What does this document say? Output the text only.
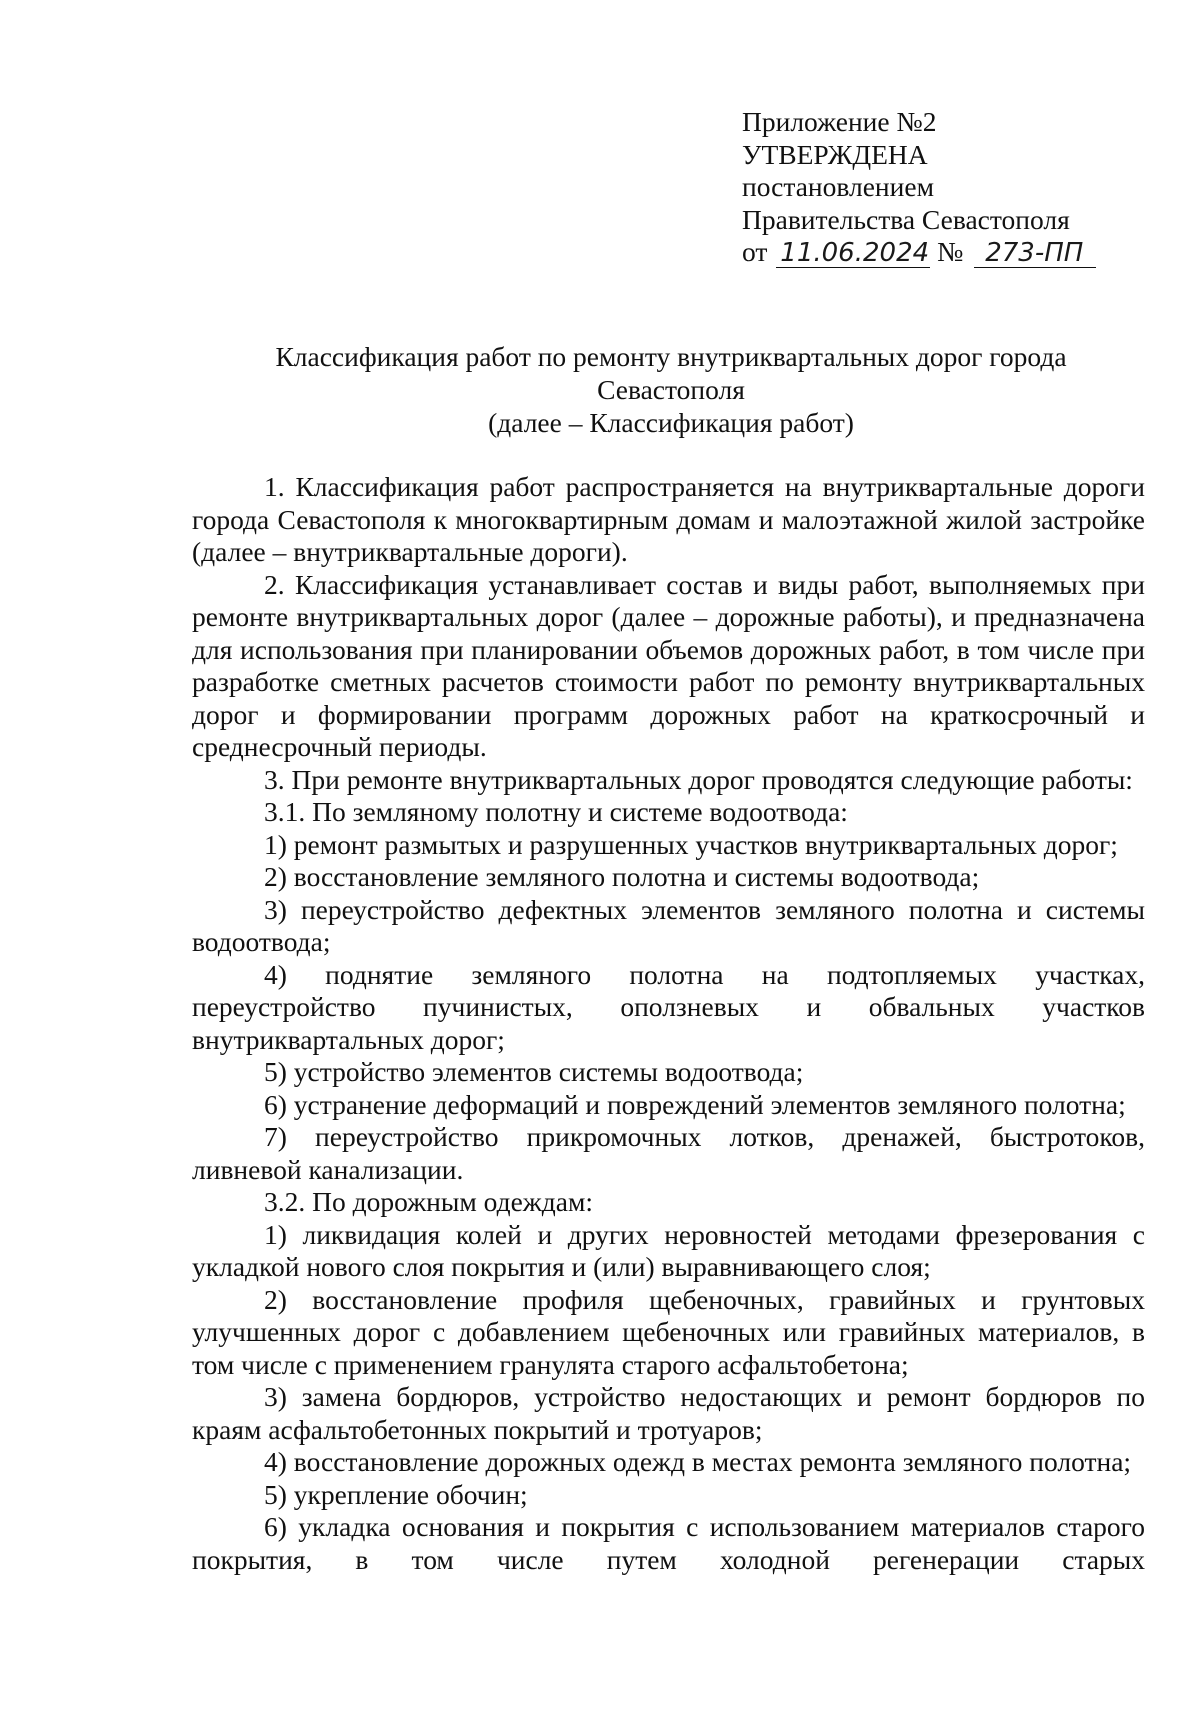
Приложение №2
УТВЕРЖДЕНА
постановлением
Правительства Севастополя
от 11.06.2024 № 273-ПП
Классификация работ по ремонту внутриквартальных дорог города
Севастополя
(далее – Классификация работ)

1. Классификация работ распространяется на внутриквартальные дороги города Севастополя к многоквартирным домам и малоэтажной жилой застройке (далее – внутриквартальные дороги).

2. Классификация устанавливает состав и виды работ, выполняемых при ремонте внутриквартальных дорог (далее – дорожные работы), и предназначена для использования при планировании объемов дорожных работ, в том числе при разработке сметных расчетов стоимости работ по ремонту внутриквартальных дорог и формировании программ дорожных работ на краткосрочный и среднесрочный периоды.

3. При ремонте внутриквартальных дорог проводятся следующие работы:
3.1. По земляному полотну и системе водоотвода:

1) ремонт размытых и разрушенных участков внутриквартальных дорог;

2) восстановление земляного полотна и системы водоотвода;

3) переустройство дефектных элементов земляного полотна и системы водоотвода;

4) поднятие земляного полотна на подтопляемых участках, переустройство пучинистых, оползневых и обвальных участков внутриквартальных дорог;

5) устройство элементов системы водоотвода;

6) устранение деформаций и повреждений элементов земляного полотна;

7) переустройство прикромочных лотков, дренажей, быстротоков, ливневой канализации.

3.2. По дорожным одеждам:

1) ликвидация колей и других неровностей методами фрезерования с укладкой нового слоя покрытия и (или) выравнивающего слоя;

2) восстановление профиля щебеночных, гравийных и грунтовых улучшенных дорог с добавлением щебеночных или гравийных материалов, в том числе с применением гранулята старого асфальтобетона;

3) замена бордюров, устройство недостающих и ремонт бордюров по краям асфальтобетонных покрытий и тротуаров;

4) восстановление дорожных одежд в местах ремонта земляного полотна;

5) укрепление обочин;

6) укладка основания и покрытия с использованием материалов старого покрытия, в том числе путем холодной регенерации старых
